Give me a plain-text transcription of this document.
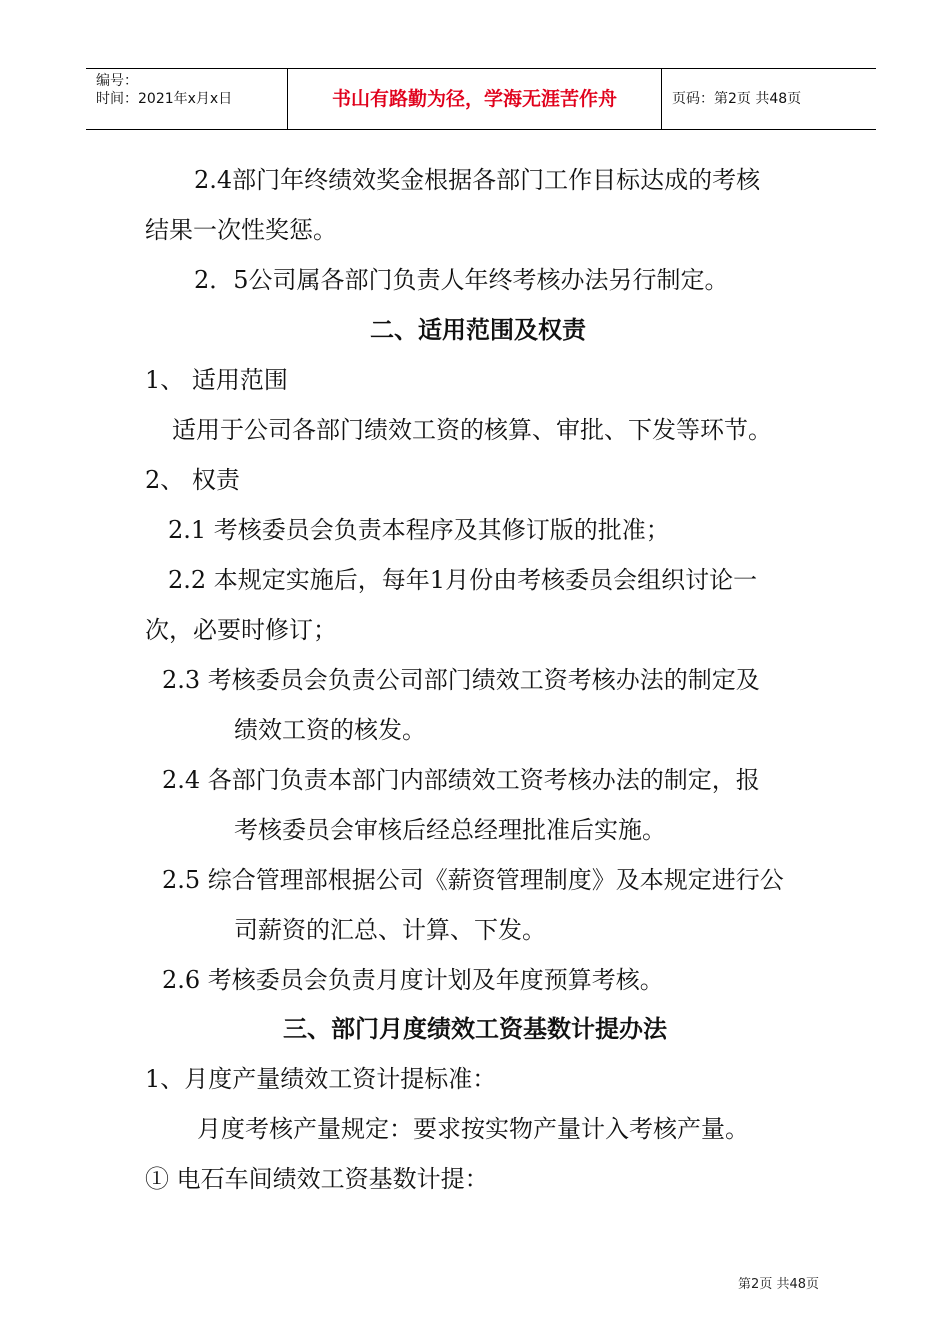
编号：
时间：2021年x月x日	书山有路勤为径，学海无涯苦作舟	页码：第2页 共48页
2.4部门年终绩效奖金根据各部门工作目标达成的考核
结果一次性奖惩。
2．5公司属各部门负责人年终考核办法另行制定。
二、适用范围及权责
1、 适用范围
适用于公司各部门绩效工资的核算、审批、下发等环节。
2、 权责
2.1 考核委员会负责本程序及其修订版的批准；
2.2 本规定实施后，每年1月份由考核委员会组织讨论一
次，必要时修订；
2.3 考核委员会负责公司部门绩效工资考核办法的制定及
绩效工资的核发。
2.4 各部门负责本部门内部绩效工资考核办法的制定，报
考核委员会审核后经总经理批准后实施。
2.5 综合管理部根据公司《薪资管理制度》及本规定进行公
司薪资的汇总、计算、下发。
2.6 考核委员会负责月度计划及年度预算考核。
三、部门月度绩效工资基数计提办法
1、月度产量绩效工资计提标准：
月度考核产量规定：要求按实物产量计入考核产量。
① 电石车间绩效工资基数计提：
第2页 共48页
